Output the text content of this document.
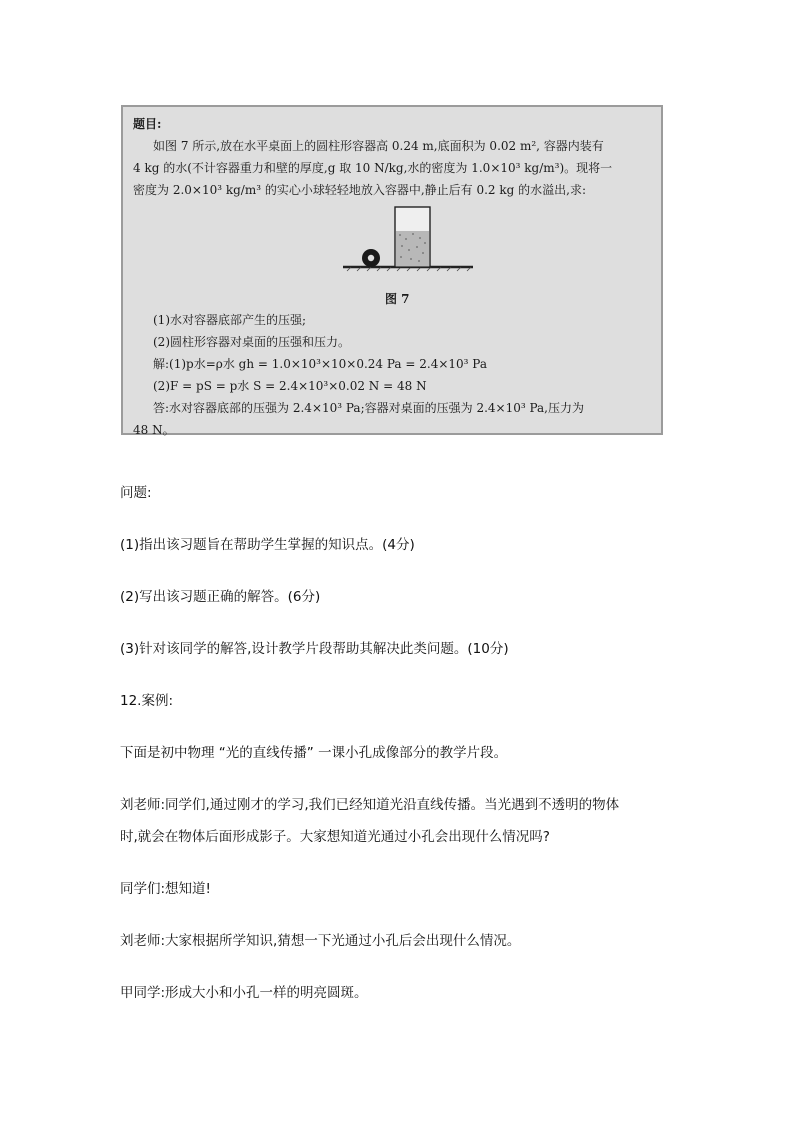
题目:
如图 7 所示,放在水平桌面上的圆柱形容器高 0.24 m,底面积为 0.02 m², 容器内装有
4 kg 的水(不计容器重力和壁的厚度,g 取 10 N/kg,水的密度为 1.0×10³ kg/m³)。现将一
密度为 2.0×10³ kg/m³ 的实心小球轻轻地放入容器中,静止后有 0.2 kg 的水溢出,求:
图 7
(1)水对容器底部产生的压强;
(2)圆柱形容器对桌面的压强和压力。
解:(1)p水=ρ水 gh = 1.0×10³×10×0.24 Pa = 2.4×10³ Pa
(2)F = pS = p水 S = 2.4×10³×0.02 N = 48 N
答:水对容器底部的压强为 2.4×10³ Pa;容器对桌面的压强为 2.4×10³ Pa,压力为
48 N。
问题:
(1)指出该习题旨在帮助学生掌握的知识点。(4分)
(2)写出该习题正确的解答。(6分)
(3)针对该同学的解答,设计教学片段帮助其解决此类问题。(10分)
12.案例:
下面是初中物理 “光的直线传播” 一课小孔成像部分的教学片段。
刘老师:同学们,通过刚才的学习,我们已经知道光沿直线传播。当光遇到不透明的物体
时,就会在物体后面形成影子。大家想知道光通过小孔会出现什么情况吗?
同学们:想知道!
刘老师:大家根据所学知识,猜想一下光通过小孔后会出现什么情况。
甲同学:形成大小和小孔一样的明亮圆斑。
